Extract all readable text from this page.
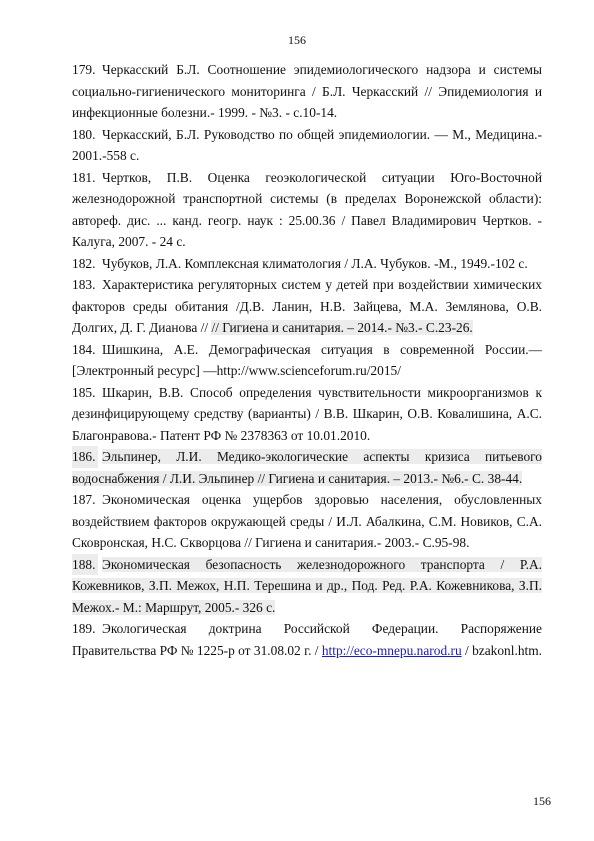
156

179. Черкасский Б.Л. Соотношение эпидемиологического надзора и системы социально-гигиенического мониторинга / Б.Л. Черкасский // Эпидемиология и инфекционные болезни.- 1999. - №3. - с.10-14.

180. Черкасский, Б.Л. Руководство по общей эпидемиологии. — М., Медицина.- 2001.-558 с.

181. Чертков, П.В. Оценка геоэкологической ситуации Юго-Восточной железнодорожной транспортной системы (в пределах Воронежской области): автореф. дис. ... канд. геогр. наук : 25.00.36 / Павел Владимирович Чертков. - Калуга, 2007. - 24 с.

182. Чубуков, Л.А. Комплексная климатология / Л.А. Чубуков. -М., 1949.-102 с.

183. Характеристика регуляторных систем у детей при воздействии химических факторов среды обитания /Д.В. Ланин, Н.В. Зайцева, М.А. Землянова, О.В. Долгих, Д. Г. Дианова // // Гигиена и санитария. – 2014.- №3.- С.23-26.

184. Шишкина, А.Е. Демографическая ситуация в современной России.—[Электронный ресурс] —http://www.scienceforum.ru/2015/

185. Шкарин, В.В. Способ определения чувствительности микроорганизмов к дезинфицирующему средству (варианты) / В.В. Шкарин, О.В. Ковалишина, А.С. Благонравова.- Патент РФ № 2378363 от 10.01.2010.

186. Эльпинер, Л.И. Медико-экологические аспекты кризиса питьевого водоснабжения / Л.И. Эльпинер // Гигиена и санитария. – 2013.- №6.- С. 38-44.

187. Экономическая оценка ущербов здоровью населения, обусловленных воздействием факторов окружающей среды / И.Л. Абалкина, С.М. Новиков, С.А. Сковронская, Н.С. Скворцова // Гигиена и санитария.- 2003.- С.95-98.

188. Экономическая безопасность железнодорожного транспорта / Р.А. Кожевников, З.П. Межох, Н.П. Терешина и др., Под. Ред. Р.А. Кожевникова, З.П. Межох.- М.: Маршрут, 2005.- 326 с.

189. Экологическая доктрина Российской Федерации. Распоряжение Правительства РФ № 1225-р от 31.08.02 г. / http://eco-mnepu.narod.ru / bzakonl.htm.

156
